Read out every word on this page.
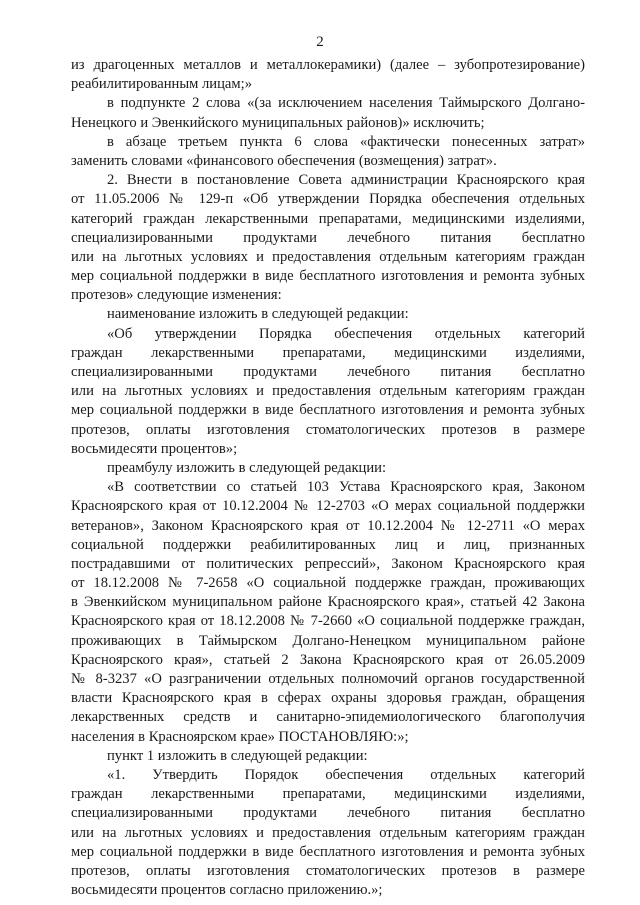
2
из драгоценных металлов и металлокерамики) (далее – зубопротезирование)
реабилитированным лицам;»
в подпункте 2 слова «(за исключением населения Таймырского Долгано-
Ненецкого и Эвенкийского муниципальных районов)» исключить;
в абзаце третьем пункта 6 слова «фактически понесенных затрат»
заменить словами «финансового обеспечения (возмещения) затрат».
2. Внести в постановление Совета администрации Красноярского края
от 11.05.2006 № 129-п «Об утверждении Порядка обеспечения отдельных
категорий граждан лекарственными препаратами, медицинскими изделиями,
специализированными продуктами лечебного питания бесплатно
или на льготных условиях и предоставления отдельным категориям граждан
мер социальной поддержки в виде бесплатного изготовления и ремонта зубных
протезов» следующие изменения:
наименование изложить в следующей редакции:
«Об утверждении Порядка обеспечения отдельных категорий
граждан лекарственными препаратами, медицинскими изделиями,
специализированными продуктами лечебного питания бесплатно
или на льготных условиях и предоставления отдельным категориям граждан
мер социальной поддержки в виде бесплатного изготовления и ремонта зубных
протезов, оплаты изготовления стоматологических протезов в размере
восьмидесяти процентов»;
преамбулу изложить в следующей редакции:
«В соответствии со статьей 103 Устава Красноярского края, Законом
Красноярского края от 10.12.2004 № 12-2703 «О мерах социальной поддержки
ветеранов», Законом Красноярского края от 10.12.2004 № 12-2711 «О мерах
социальной поддержки реабилитированных лиц и лиц, признанных
пострадавшими от политических репрессий», Законом Красноярского края
от 18.12.2008 № 7-2658 «О социальной поддержке граждан, проживающих
в Эвенкийском муниципальном районе Красноярского края», статьей 42 Закона
Красноярского края от 18.12.2008 № 7-2660 «О социальной поддержке граждан,
проживающих в Таймырском Долгано-Ненецком муниципальном районе
Красноярского края», статьей 2 Закона Красноярского края от 26.05.2009
№ 8-3237 «О разграничении отдельных полномочий органов государственной
власти Красноярского края в сферах охраны здоровья граждан, обращения
лекарственных средств и санитарно-эпидемиологического благополучия
населения в Красноярском крае» ПОСТАНОВЛЯЮ:»;
пункт 1 изложить в следующей редакции:
«1. Утвердить Порядок обеспечения отдельных категорий
граждан лекарственными препаратами, медицинскими изделиями,
специализированными продуктами лечебного питания бесплатно
или на льготных условиях и предоставления отдельным категориям граждан
мер социальной поддержки в виде бесплатного изготовления и ремонта зубных
протезов, оплаты изготовления стоматологических протезов в размере
восьмидесяти процентов согласно приложению.»;
